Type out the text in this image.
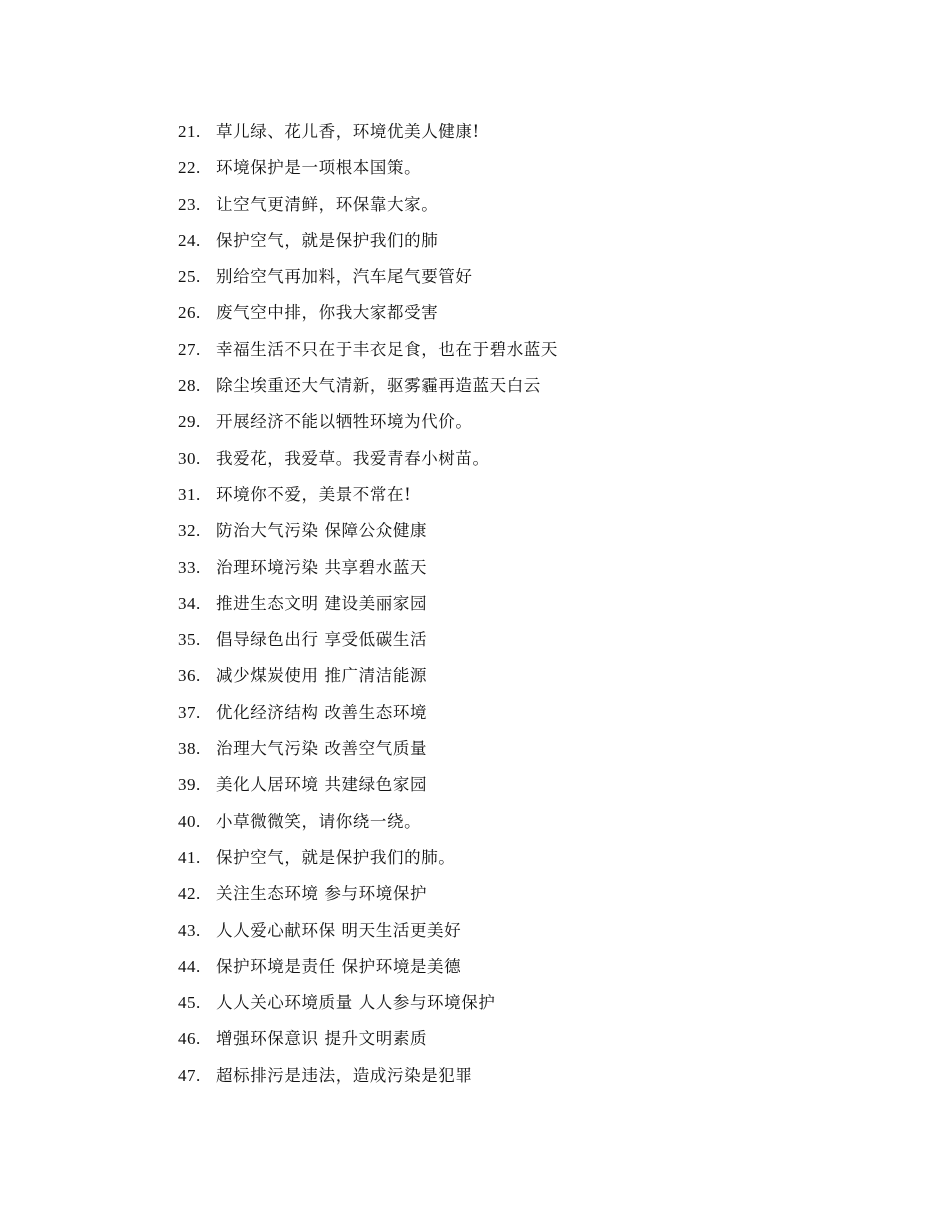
21. 草儿绿、花儿香，环境优美人健康!
22. 环境保护是一项根本国策。
23. 让空气更清鲜，环保靠大家。
24. 保护空气，就是保护我们的肺
25. 别给空气再加料，汽车尾气要管好
26. 废气空中排，你我大家都受害
27. 幸福生活不只在于丰衣足食，也在于碧水蓝天
28. 除尘埃重还大气清新，驱雾霾再造蓝天白云
29. 开展经济不能以牺牲环境为代价。
30. 我爱花，我爱草。我爱青春小树苗。
31. 环境你不爱，美景不常在!
32. 防治大气污染 保障公众健康
33. 治理环境污染 共享碧水蓝天
34. 推进生态文明 建设美丽家园
35. 倡导绿色出行 享受低碳生活
36. 减少煤炭使用 推广清洁能源
37. 优化经济结构 改善生态环境
38. 治理大气污染 改善空气质量
39. 美化人居环境 共建绿色家园
40. 小草微微笑，请你绕一绕。
41. 保护空气，就是保护我们的肺。
42. 关注生态环境 参与环境保护
43. 人人爱心献环保 明天生活更美好
44. 保护环境是责任 保护环境是美德
45. 人人关心环境质量 人人参与环境保护
46. 增强环保意识 提升文明素质
47. 超标排污是违法，造成污染是犯罪
